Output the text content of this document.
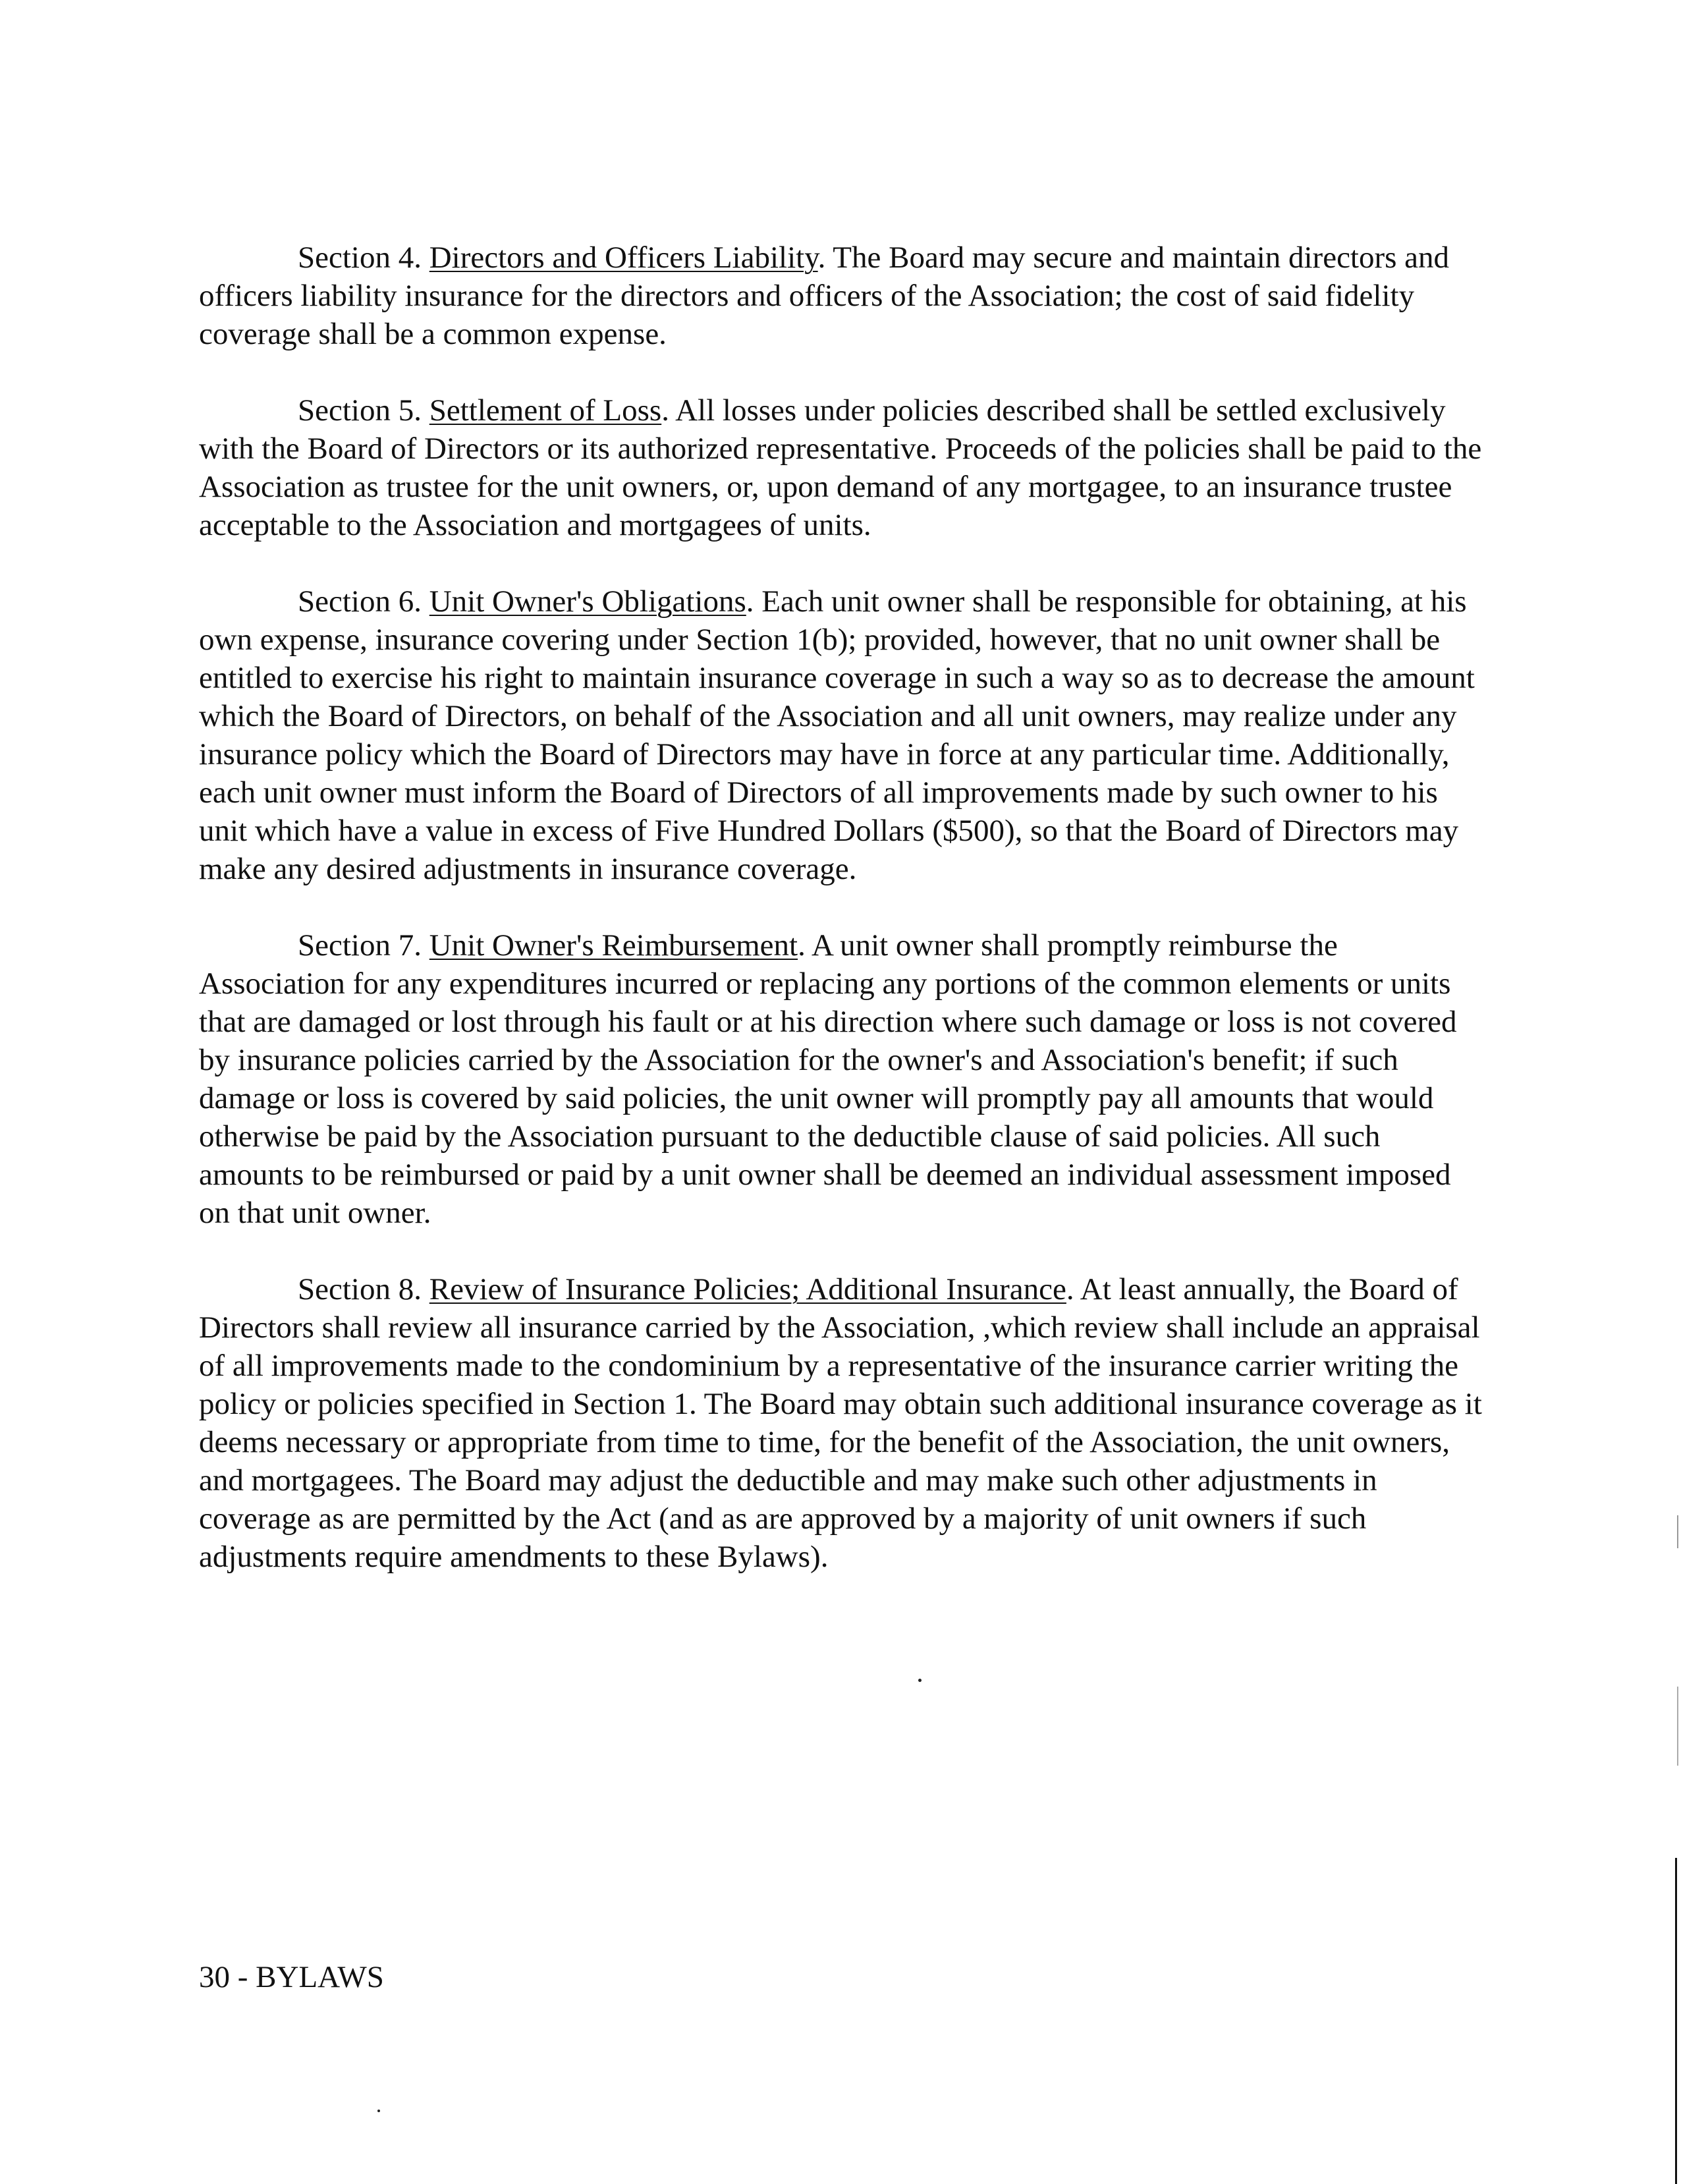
Section 4. Directors and Officers Liability. The Board may secure and maintain directors and officers liability insurance for the directors and officers of the Association; the cost of said fidelity coverage shall be a common expense.

Section 5. Settlement of Loss. All losses under policies described shall be settled exclusively with the Board of Directors or its authorized representative. Proceeds of the policies shall be paid to the Association as trustee for the unit owners, or, upon demand of any mortgagee, to an insurance trustee acceptable to the Association and mortgagees of units.

Section 6. Unit Owner's Obligations. Each unit owner shall be responsible for obtaining, at his own expense, insurance covering under Section 1(b); provided, however, that no unit owner shall be entitled to exercise his right to maintain insurance coverage in such a way so as to decrease the amount which the Board of Directors, on behalf of the Association and all unit owners, may realize under any insurance policy which the Board of Directors may have in force at any particular time. Additionally, each unit owner must inform the Board of Directors of all improvements made by such owner to his unit which have a value in excess of Five Hundred Dollars ($500), so that the Board of Directors may make any desired adjustments in insurance coverage.

Section 7. Unit Owner's Reimbursement. A unit owner shall promptly reimburse the Association for any expenditures incurred or replacing any portions of the common elements or units that are damaged or lost through his fault or at his direction where such damage or loss is not covered by insurance policies carried by the Association for the owner's and Association's benefit; if such damage or loss is covered by said policies, the unit owner will promptly pay all amounts that would otherwise be paid by the Association pursuant to the deductible clause of said policies. All such amounts to be reimbursed or paid by a unit owner shall be deemed an individual assessment imposed on that unit owner.

Section 8. Review of Insurance Policies; Additional Insurance. At least annually, the Board of Directors shall review all insurance carried by the Association, ,which review shall include an appraisal of all improvements made to the condominium by a representative of the insurance carrier writing the policy or policies specified in Section 1. The Board may obtain such additional insurance coverage as it deems necessary or appropriate from time to time, for the benefit of the Association, the unit owners, and mortgagees. The Board may adjust the deductible and may make such other adjustments in coverage as are permitted by the Act (and as are approved by a majority of unit owners if such adjustments require amendments to these Bylaws).

30 - BYLAWS
